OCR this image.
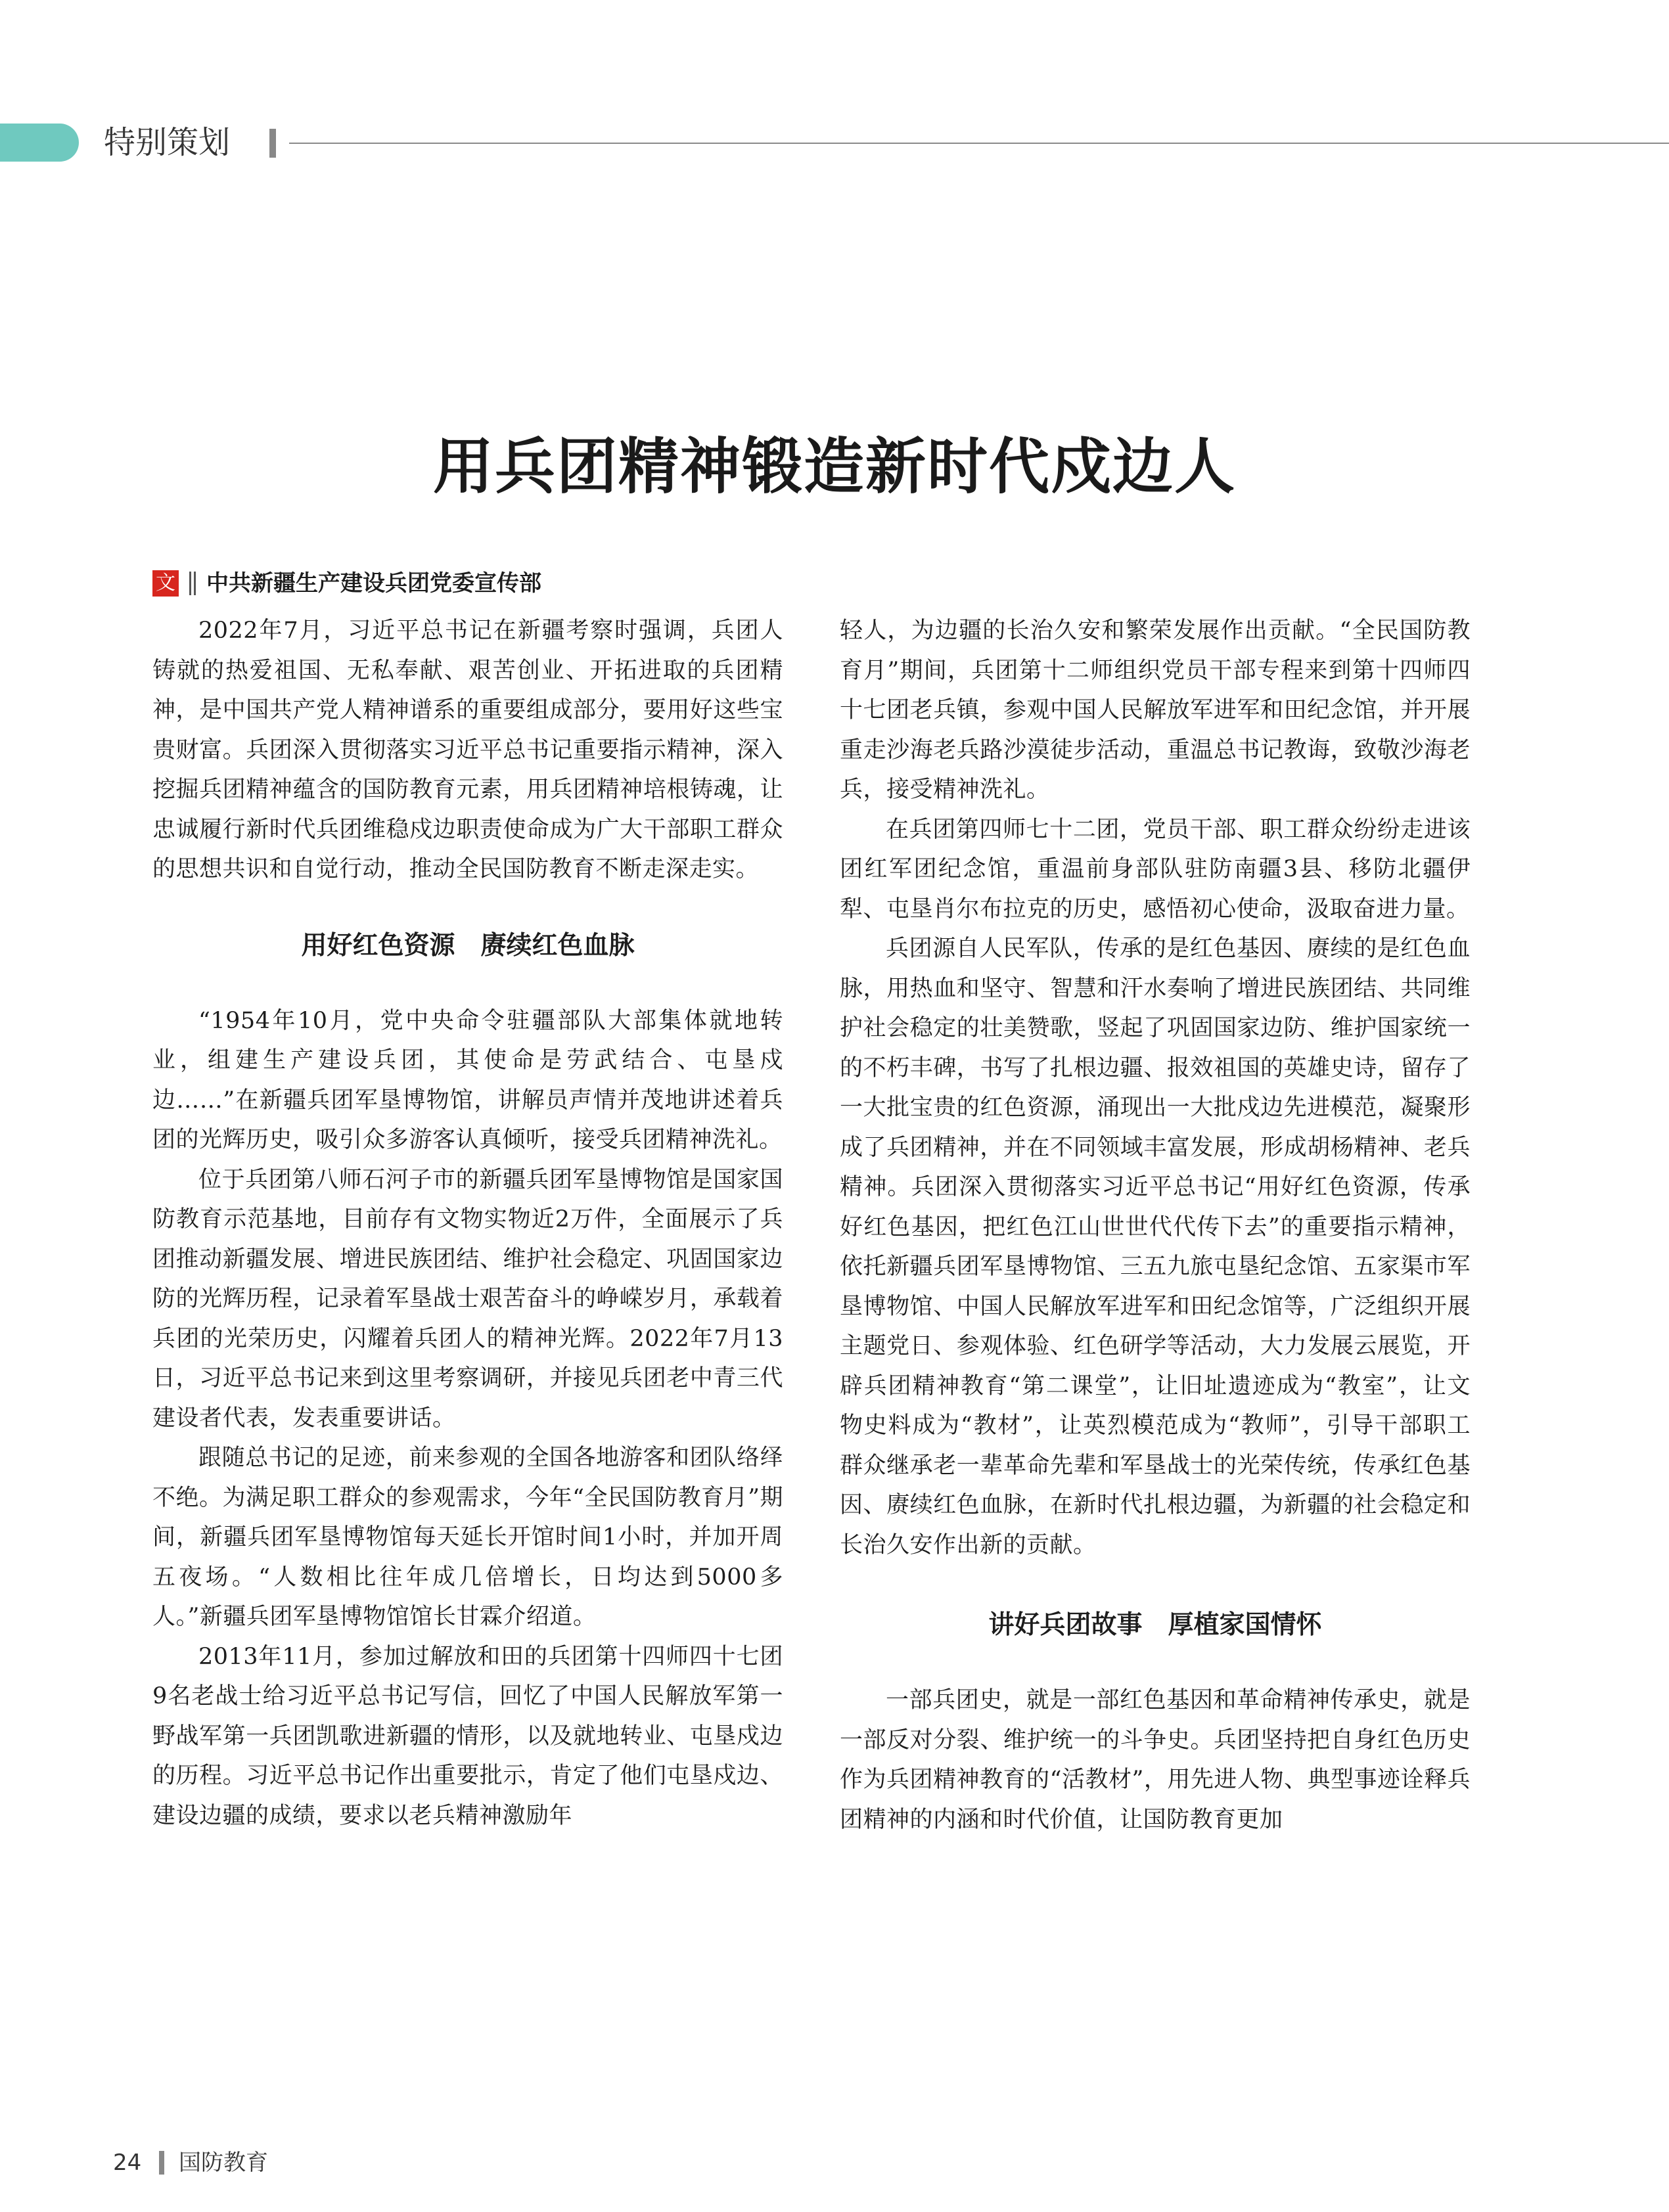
特别策划
用兵团精神锻造新时代戍边人
文 中共新疆生产建设兵团党委宣传部

2022年7月，习近平总书记在新疆考察时强调，兵团人铸就的热爱祖国、无私奉献、艰苦创业、开拓进取的兵团精神，是中国共产党人精神谱系的重要组成部分，要用好这些宝贵财富。兵团深入贯彻落实习近平总书记重要指示精神，深入挖掘兵团精神蕴含的国防教育元素，用兵团精神培根铸魂，让忠诚履行新时代兵团维稳戍边职责使命成为广大干部职工群众的思想共识和自觉行动，推动全民国防教育不断走深走实。

用好红色资源　赓续红色血脉

“1954年10月，党中央命令驻疆部队大部集体就地转业，组建生产建设兵团，其使命是劳武结合、屯垦戍边……”在新疆兵团军垦博物馆，讲解员声情并茂地讲述着兵团的光辉历史，吸引众多游客认真倾听，接受兵团精神洗礼。

位于兵团第八师石河子市的新疆兵团军垦博物馆是国家国防教育示范基地，目前存有文物实物近2万件，全面展示了兵团推动新疆发展、增进民族团结、维护社会稳定、巩固国家边防的光辉历程，记录着军垦战士艰苦奋斗的峥嵘岁月，承载着兵团的光荣历史，闪耀着兵团人的精神光辉。2022年7月13日，习近平总书记来到这里考察调研，并接见兵团老中青三代建设者代表，发表重要讲话。

跟随总书记的足迹，前来参观的全国各地游客和团队络绎不绝。为满足职工群众的参观需求，今年“全民国防教育月”期间，新疆兵团军垦博物馆每天延长开馆时间1小时，并加开周五夜场。“人数相比往年成几倍增长，日均达到5000多人。”新疆兵团军垦博物馆馆长甘霖介绍道。

2013年11月，参加过解放和田的兵团第十四师四十七团9名老战士给习近平总书记写信，回忆了中国人民解放军第一野战军第一兵团凯歌进新疆的情形，以及就地转业、屯垦戍边的历程。习近平总书记作出重要批示，肯定了他们屯垦戍边、建设边疆的成绩，要求以老兵精神激励年

轻人，为边疆的长治久安和繁荣发展作出贡献。“全民国防教育月”期间，兵团第十二师组织党员干部专程来到第十四师四十七团老兵镇，参观中国人民解放军进军和田纪念馆，并开展重走沙海老兵路沙漠徒步活动，重温总书记教诲，致敬沙海老兵，接受精神洗礼。

在兵团第四师七十二团，党员干部、职工群众纷纷走进该团红军团纪念馆，重温前身部队驻防南疆3县、移防北疆伊犁、屯垦肖尔布拉克的历史，感悟初心使命，汲取奋进力量。

兵团源自人民军队，传承的是红色基因、赓续的是红色血脉，用热血和坚守、智慧和汗水奏响了增进民族团结、共同维护社会稳定的壮美赞歌，竖起了巩固国家边防、维护国家统一的不朽丰碑，书写了扎根边疆、报效祖国的英雄史诗，留存了一大批宝贵的红色资源，涌现出一大批戍边先进模范，凝聚形成了兵团精神，并在不同领域丰富发展，形成胡杨精神、老兵精神。兵团深入贯彻落实习近平总书记“用好红色资源，传承好红色基因，把红色江山世世代代传下去”的重要指示精神，依托新疆兵团军垦博物馆、三五九旅屯垦纪念馆、五家渠市军垦博物馆、中国人民解放军进军和田纪念馆等，广泛组织开展主题党日、参观体验、红色研学等活动，大力发展云展览，开辟兵团精神教育“第二课堂”，让旧址遗迹成为“教室”，让文物史料成为“教材”，让英烈模范成为“教师”，引导干部职工群众继承老一辈革命先辈和军垦战士的光荣传统，传承红色基因、赓续红色血脉，在新时代扎根边疆，为新疆的社会稳定和长治久安作出新的贡献。

讲好兵团故事　厚植家国情怀

一部兵团史，就是一部红色基因和革命精神传承史，就是一部反对分裂、维护统一的斗争史。兵团坚持把自身红色历史作为兵团精神教育的“活教材”，用先进人物、典型事迹诠释兵团精神的内涵和时代价值，让国防教育更加

24 国防教育
